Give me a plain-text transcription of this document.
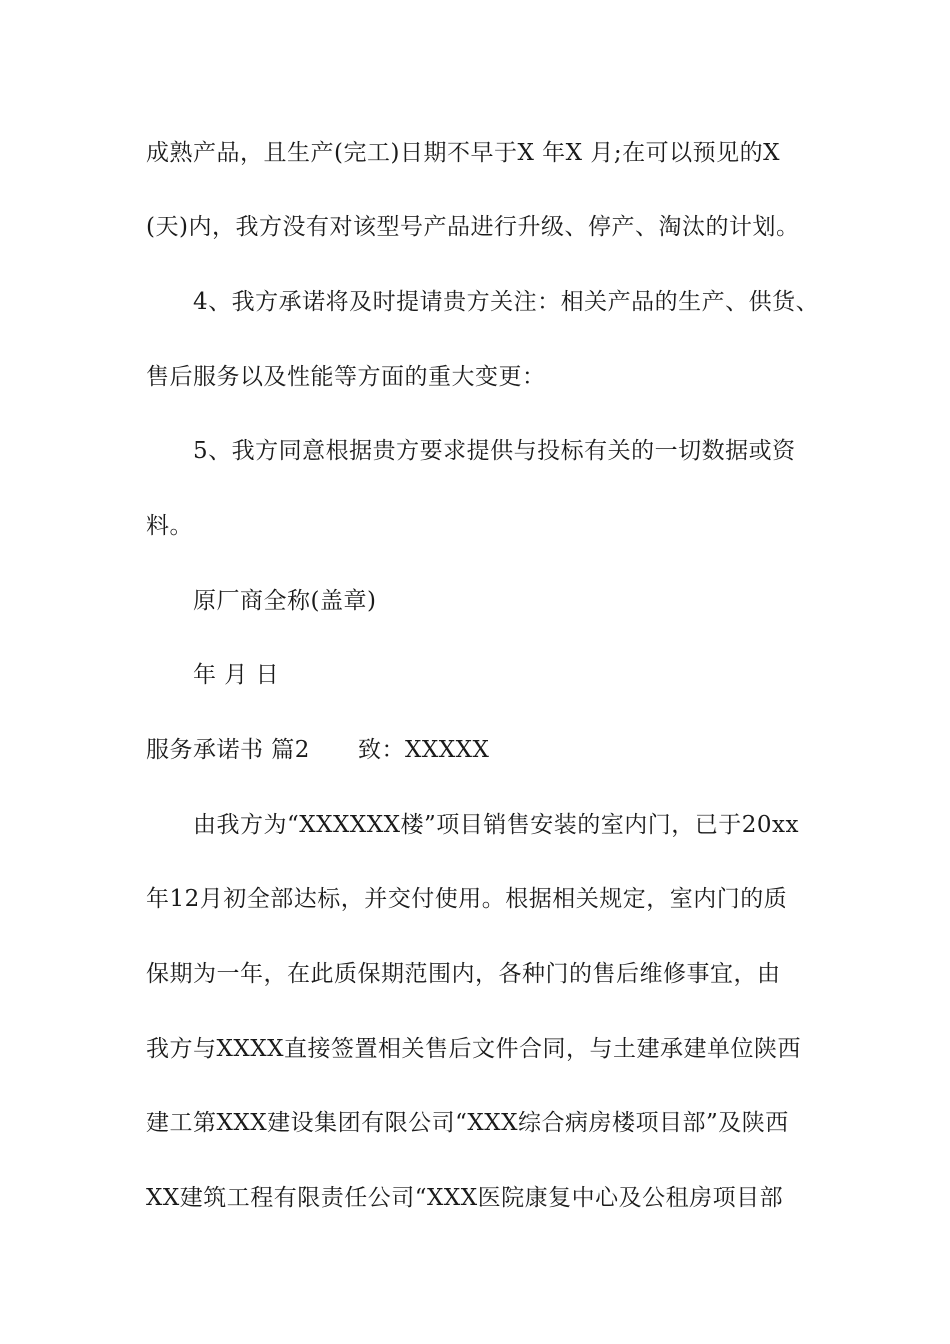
成熟产品，且生产(完工)日期不早于X 年X 月;在可以预见的X
(天)内，我方没有对该型号产品进行升级、停产、淘汰的计划。
4、我方承诺将及时提请贵方关注：相关产品的生产、供货、
售后服务以及性能等方面的重大变更：
5、我方同意根据贵方要求提供与投标有关的一切数据或资
料。
原厂商全称(盖章)
年 月 日
服务承诺书 篇2 致：XXXXX
由我方为“XXXXXX楼”项目销售安装的室内门，已于20xx
年12月初全部达标，并交付使用。根据相关规定，室内门的质
保期为一年，在此质保期范围内，各种门的售后维修事宜，由
我方与XXXX直接签置相关售后文件合同，与土建承建单位陕西
建工第XXX建设集团有限公司“XXX综合病房楼项目部”及陕西
XX建筑工程有限责任公司“XXX医院康复中心及公租房项目部
